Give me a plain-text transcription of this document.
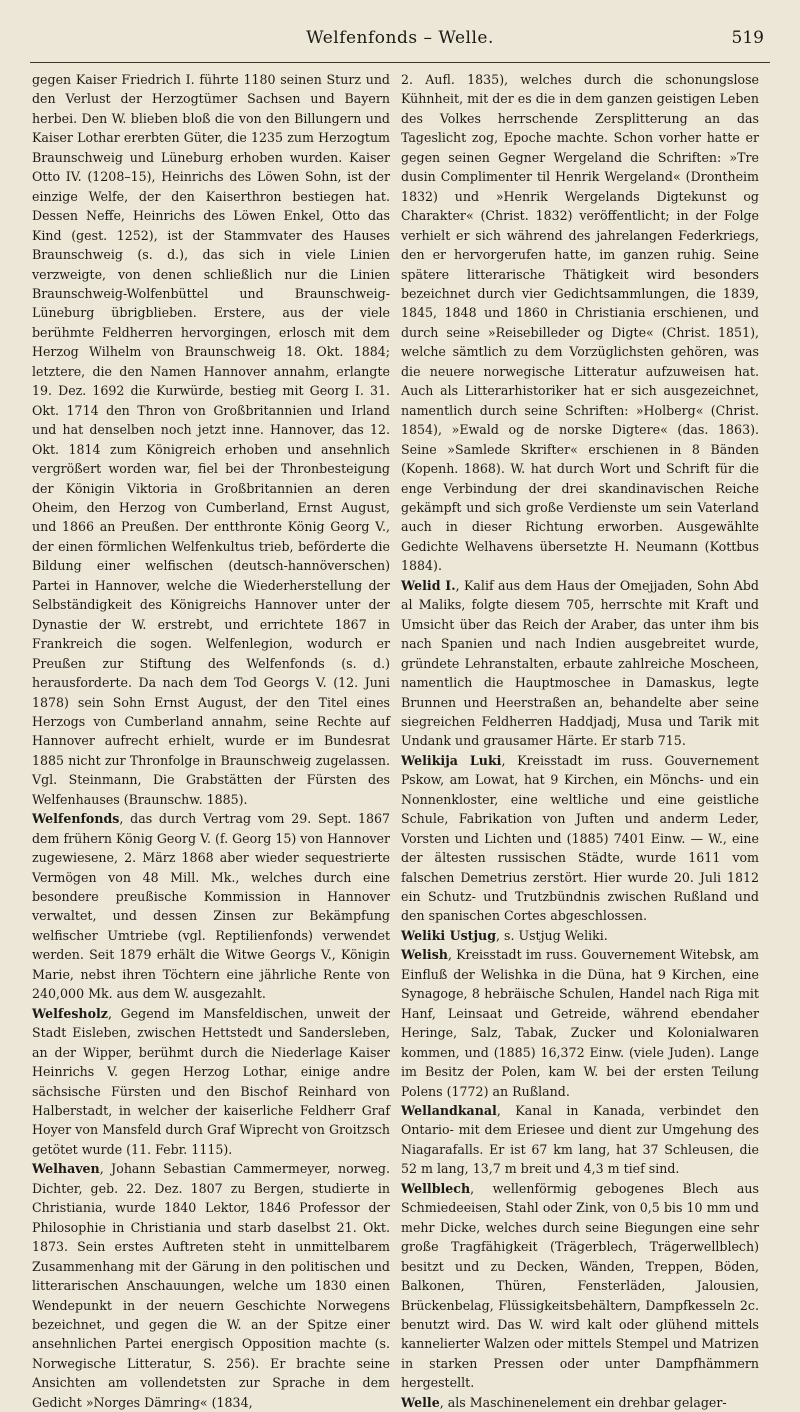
Welfenfonds – Welle.	519

gegen Kaiser Friedrich I. führte 1180 seinen Sturz und den Verlust der Herzogtümer Sachsen und Bayern herbei. Den W. blieben bloß die von den Billungern und Kaiser Lothar ererbten Güter, die 1235 zum Herzogtum Braunschweig und Lüneburg erhoben wurden. Kaiser Otto IV. (1208–15), Heinrichs des Löwen Sohn, ist der einzige Welfe, der den Kaiserthron bestiegen hat. Dessen Neffe, Heinrichs des Löwen Enkel, Otto das Kind (gest. 1252), ist der Stammvater des Hauses Braunschweig (s. d.), das sich in viele Linien verzweigte, von denen schließlich nur die Linien Braunschweig-Wolfenbüttel und Braunschweig-Lüneburg übrigblieben. Erstere, aus der viele berühmte Feldherren hervorgingen, erlosch mit dem Herzog Wilhelm von Braunschweig 18. Okt. 1884; letztere, die den Namen Hannover annahm, erlangte 19. Dez. 1692 die Kurwürde, bestieg mit Georg I. 31. Okt. 1714 den Thron von Großbritannien und Irland und hat denselben noch jetzt inne. Hannover, das 12. Okt. 1814 zum Königreich erhoben und ansehnlich vergrößert worden war, fiel bei der Thronbesteigung der Königin Viktoria in Großbritannien an deren Oheim, den Herzog von Cumberland, Ernst August, und 1866 an Preußen. Der entthronte König Georg V., der einen förmlichen Welfenkultus trieb, beförderte die Bildung einer welfischen (deutsch-hannöverschen) Partei in Hannover, welche die Wiederherstellung der Selbständigkeit des Königreichs Hannover unter der Dynastie der W. erstrebt, und errichtete 1867 in Frankreich die sogen. Welfenlegion, wodurch er Preußen zur Stiftung des Welfenfonds (s. d.) herausforderte. Da nach dem Tod Georgs V. (12. Juni 1878) sein Sohn Ernst August, der den Titel eines Herzogs von Cumberland annahm, seine Rechte auf Hannover aufrecht erhielt, wurde er im Bundesrat 1885 nicht zur Thronfolge in Braunschweig zugelassen. Vgl. Steinmann, Die Grabstätten der Fürsten des Welfenhauses (Braunschw. 1885).

Welfenfonds, das durch Vertrag vom 29. Sept. 1867 dem frühern König Georg V. (f. Georg 15) von Hannover zugewiesene, 2. März 1868 aber wieder sequestrierte Vermögen von 48 Mill. Mk., welches durch eine besondere preußische Kommission in Hannover verwaltet, und dessen Zinsen zur Bekämpfung welfischer Umtriebe (vgl. Reptilienfonds) verwendet werden. Seit 1879 erhält die Witwe Georgs V., Königin Marie, nebst ihren Töchtern eine jährliche Rente von 240,000 Mk. aus dem W. ausgezahlt.

Welfesholz, Gegend im Mansfeldischen, unweit der Stadt Eisleben, zwischen Hettstedt und Sandersleben, an der Wipper, berühmt durch die Niederlage Kaiser Heinrichs V. gegen Herzog Lothar, einige andre sächsische Fürsten und den Bischof Reinhard von Halberstadt, in welcher der kaiserliche Feldherr Graf Hoyer von Mansfeld durch Graf Wiprecht von Groitzsch getötet wurde (11. Febr. 1115).

Welhaven, Johann Sebastian Cammermeyer, norweg. Dichter, geb. 22. Dez. 1807 zu Bergen, studierte in Christiania, wurde 1840 Lektor, 1846 Professor der Philosophie in Christiania und starb daselbst 21. Okt. 1873. Sein erstes Auftreten steht in unmittelbarem Zusammenhang mit der Gärung in den politischen und litterarischen Anschauungen, welche um 1830 einen Wendepunkt in der neuern Geschichte Norwegens bezeichnet, und gegen die W. an der Spitze einer ansehnlichen Partei energisch Opposition machte (s. Norwegische Litteratur, S. 256). Er brachte seine Ansichten am vollendetsten zur Sprache in dem Gedicht »Norges Dämring« (1834,

2. Aufl. 1835), welches durch die schonungslose Kühnheit, mit der es die in dem ganzen geistigen Leben des Volkes herrschende Zersplitterung an das Tageslicht zog, Epoche machte. Schon vorher hatte er gegen seinen Gegner Wergeland die Schriften: »Tre dusin Complimenter til Henrik Wergeland« (Drontheim 1832) und »Henrik Wergelands Digtekunst og Charakter« (Christ. 1832) veröffentlicht; in der Folge verhielt er sich während des jahrelangen Federkriegs, den er hervorgerufen hatte, im ganzen ruhig. Seine spätere litterarische Thätigkeit wird besonders bezeichnet durch vier Gedichtsammlungen, die 1839, 1845, 1848 und 1860 in Christiania erschienen, und durch seine »Reisebilleder og Digte« (Christ. 1851), welche sämtlich zu dem Vorzüglichsten gehören, was die neuere norwegische Litteratur aufzuweisen hat. Auch als Litterarhistoriker hat er sich ausgezeichnet, namentlich durch seine Schriften: »Holberg« (Christ. 1854), »Ewald og de norske Digtere« (das. 1863). Seine »Samlede Skrifter« erschienen in 8 Bänden (Kopenh. 1868). W. hat durch Wort und Schrift für die enge Verbindung der drei skandinavischen Reiche gekämpft und sich große Verdienste um sein Vaterland auch in dieser Richtung erworben. Ausgewählte Gedichte Welhavens übersetzte H. Neumann (Kottbus 1884).

Welid I., Kalif aus dem Haus der Omejjaden, Sohn Abd al Maliks, folgte diesem 705, herrschte mit Kraft und Umsicht über das Reich der Araber, das unter ihm bis nach Spanien und nach Indien ausgebreitet wurde, gründete Lehranstalten, erbaute zahlreiche Moscheen, namentlich die Hauptmoschee in Damaskus, legte Brunnen und Heerstraßen an, behandelte aber seine siegreichen Feldherren Haddjadj, Musa und Tarik mit Undank und grausamer Härte. Er starb 715.

Welikija Luki, Kreisstadt im russ. Gouvernement Pskow, am Lowat, hat 9 Kirchen, ein Mönchs- und ein Nonnenkloster, eine weltliche und eine geistliche Schule, Fabrikation von Juften und anderm Leder, Vorsten und Lichten und (1885) 7401 Einw. — W., eine der ältesten russischen Städte, wurde 1611 vom falschen Demetrius zerstört. Hier wurde 20. Juli 1812 ein Schutz- und Trutzbündnis zwischen Rußland und den spanischen Cortes abgeschlossen.

Weliki Ustjug, s. Ustjug Weliki.

Welish, Kreisstadt im russ. Gouvernement Witebsk, am Einfluß der Welishka in die Düna, hat 9 Kirchen, eine Synagoge, 8 hebräische Schulen, Handel nach Riga mit Hanf, Leinsaat und Getreide, während ebendaher Heringe, Salz, Tabak, Zucker und Kolonialwaren kommen, und (1885) 16,372 Einw. (viele Juden). Lange im Besitz der Polen, kam W. bei der ersten Teilung Polens (1772) an Rußland.

Wellandkanal, Kanal in Kanada, verbindet den Ontario- mit dem Eriesee und dient zur Umgehung des Niagarafalls. Er ist 67 km lang, hat 37 Schleusen, die 52 m lang, 13,7 m breit und 4,3 m tief sind.

Wellblech, wellenförmig gebogenes Blech aus Schmiedeeisen, Stahl oder Zink, von 0,5 bis 10 mm und mehr Dicke, welches durch seine Biegungen eine sehr große Tragfähigkeit (Trägerblech, Trägerwellblech) besitzt und zu Decken, Wänden, Treppen, Böden, Balkonen, Thüren, Fensterläden, Jalousien, Brückenbelag, Flüssigkeitsbehältern, Dampfkesseln 2c. benutzt wird. Das W. wird kalt oder glühend mittels kannelierter Walzen oder mittels Stempel und Matrizen in starken Pressen oder unter Dampfhämmern hergestellt.

Welle, als Maschinenelement ein drehbar gelager-
